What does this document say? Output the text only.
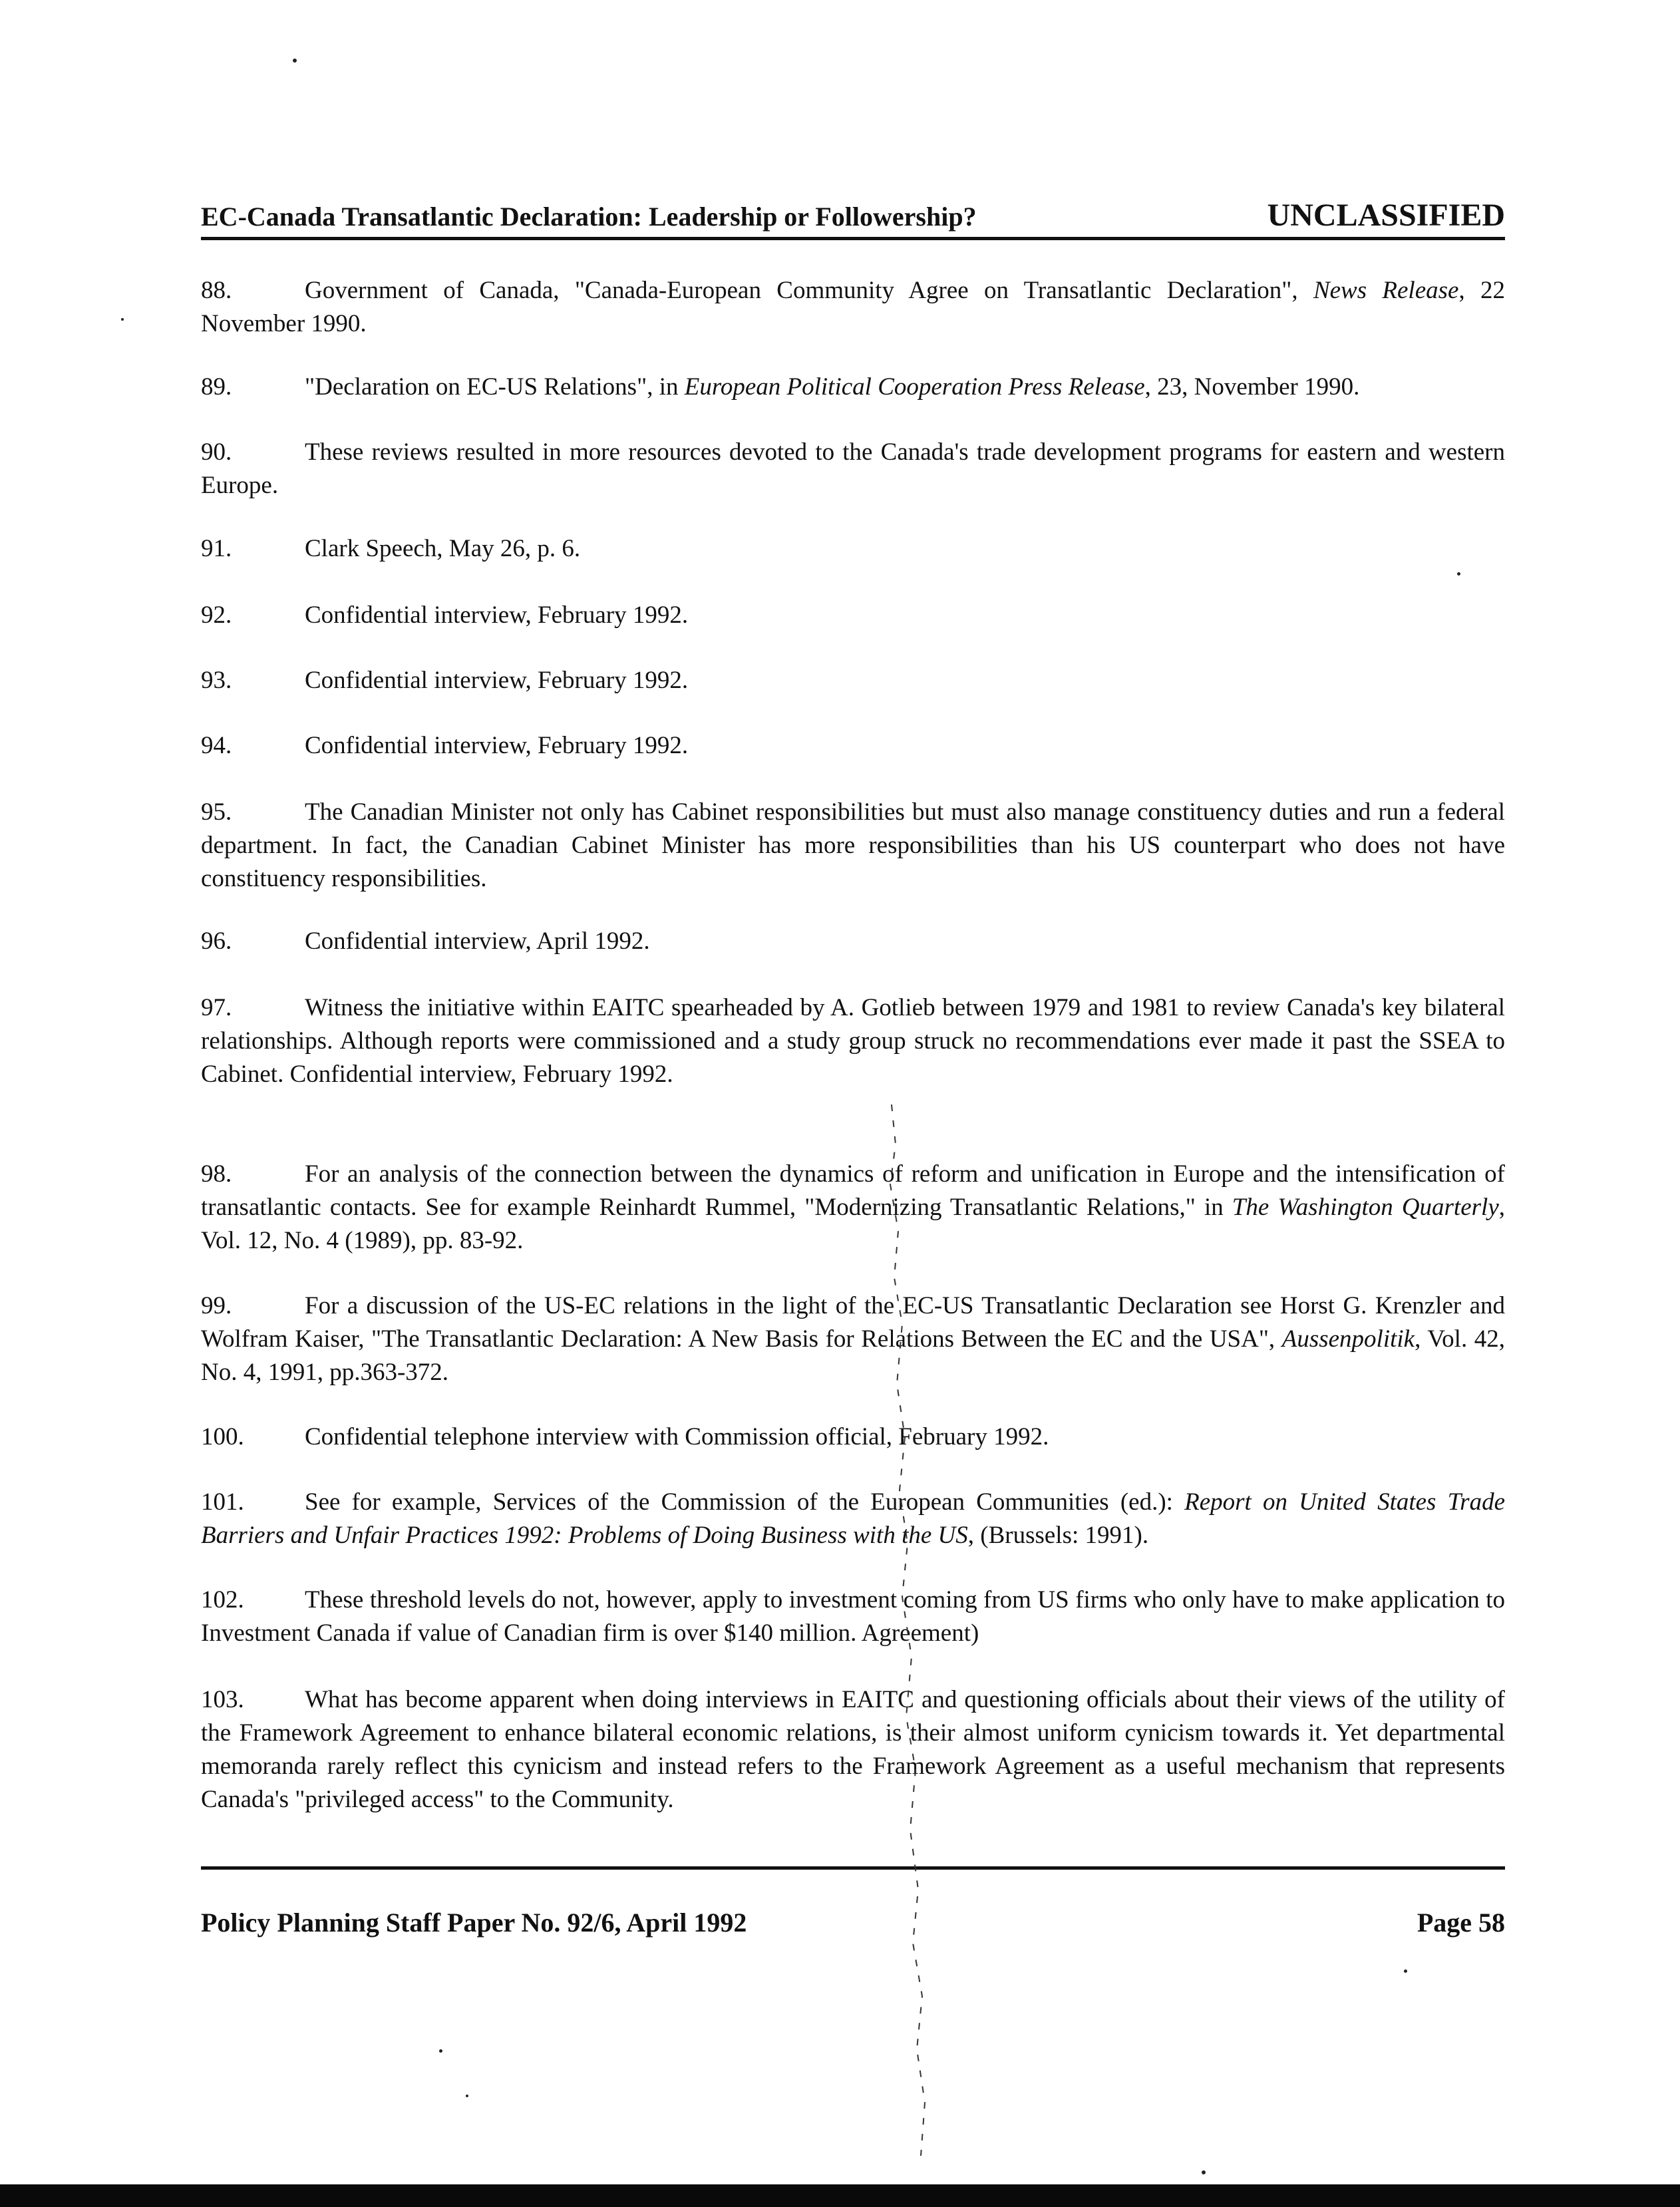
EC-Canada Transatlantic Declaration: Leadership or Followership?	UNCLASSIFIED
88.	Government of Canada, "Canada-European Community Agree on Transatlantic Declaration", News Release, 22 November 1990.
89.	"Declaration on EC-US Relations", in European Political Cooperation Press Release, 23, November 1990.
90.	These reviews resulted in more resources devoted to the Canada's trade development programs for eastern and western Europe.
91.	Clark Speech, May 26, p. 6.
92.	Confidential interview, February 1992.
93.	Confidential interview, February 1992.
94.	Confidential interview, February 1992.
95.	The Canadian Minister not only has Cabinet responsibilities but must also manage constituency duties and run a federal department. In fact, the Canadian Cabinet Minister has more responsibilities than his US counterpart who does not have constituency responsibilities.
96.	Confidential interview, April 1992.
97.	Witness the initiative within EAITC spearheaded by A. Gotlieb between 1979 and 1981 to review Canada's key bilateral relationships. Although reports were commissioned and a study group struck no recommendations ever made it past the SSEA to Cabinet. Confidential interview, February 1992.
98.	For an analysis of the connection between the dynamics of reform and unification in Europe and the intensification of transatlantic contacts. See for example Reinhardt Rummel, "Modernizing Transatlantic Relations," in The Washington Quarterly, Vol. 12, No. 4 (1989), pp. 83-92.
99.	For a discussion of the US-EC relations in the light of the EC-US Transatlantic Declaration see Horst G. Krenzler and Wolfram Kaiser, "The Transatlantic Declaration: A New Basis for Relations Between the EC and the USA", Aussenpolitik, Vol. 42, No. 4, 1991, pp.363-372.
100. Confidential telephone interview with Commission official, February 1992.
101. See for example, Services of the Commission of the European Communities (ed.): Report on United States Trade Barriers and Unfair Practices 1992: Problems of Doing Business with the US, (Brussels: 1991).
102. These threshold levels do not, however, apply to investment coming from US firms who only have to make application to Investment Canada if value of Canadian firm is over $140 million. Agreement)
103. What has become apparent when doing interviews in EAITC and questioning officials about their views of the utility of the Framework Agreement to enhance bilateral economic relations, is their almost uniform cynicism towards it. Yet departmental memoranda rarely reflect this cynicism and instead refers to the Framework Agreement as a useful mechanism that represents Canada's "privileged access" to the Community.
Policy Planning Staff Paper No. 92/6, April 1992	Page 58
